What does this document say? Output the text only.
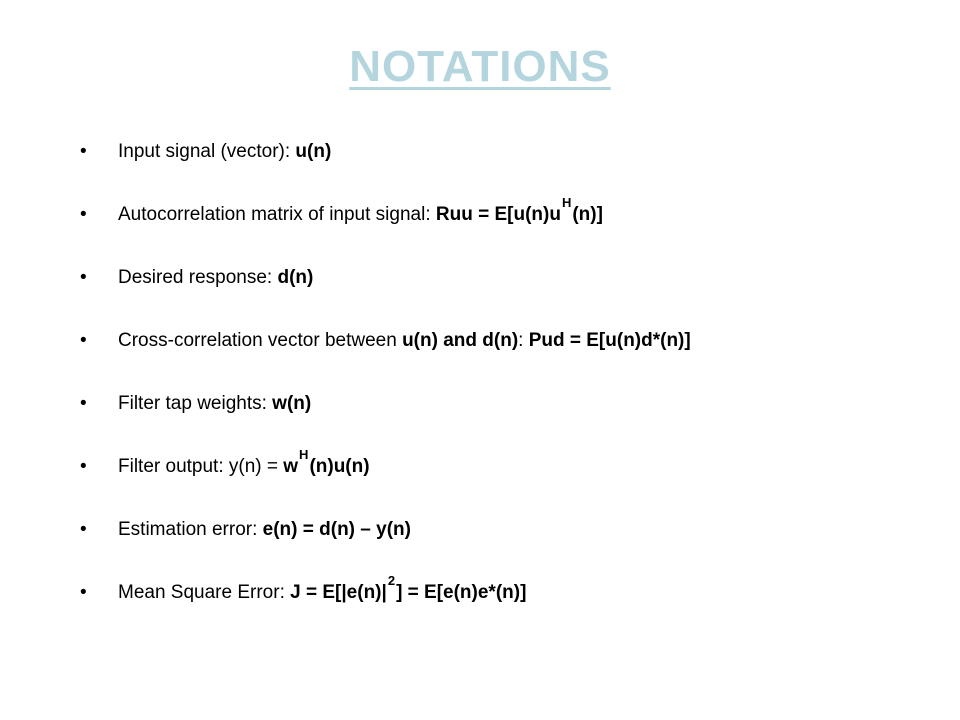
NOTATIONS
• Input signal (vector): u(n)
• Autocorrelation matrix of input signal: Ruu = $E[u(n)u^H(n)]$
• Desired response: d(n)
• Cross-correlation vector between u(n) and d(n): Pud = E[u(n)d*(n)]
• Filter tap weights: w(n)
• Filter output: $y(n) = w^H(n)u(n)$
• Estimation error: e(n) = d(n) – y(n)
• Mean Square Error: $J = E[|e(n)|^2] = E[e(n)e*(n)]$
